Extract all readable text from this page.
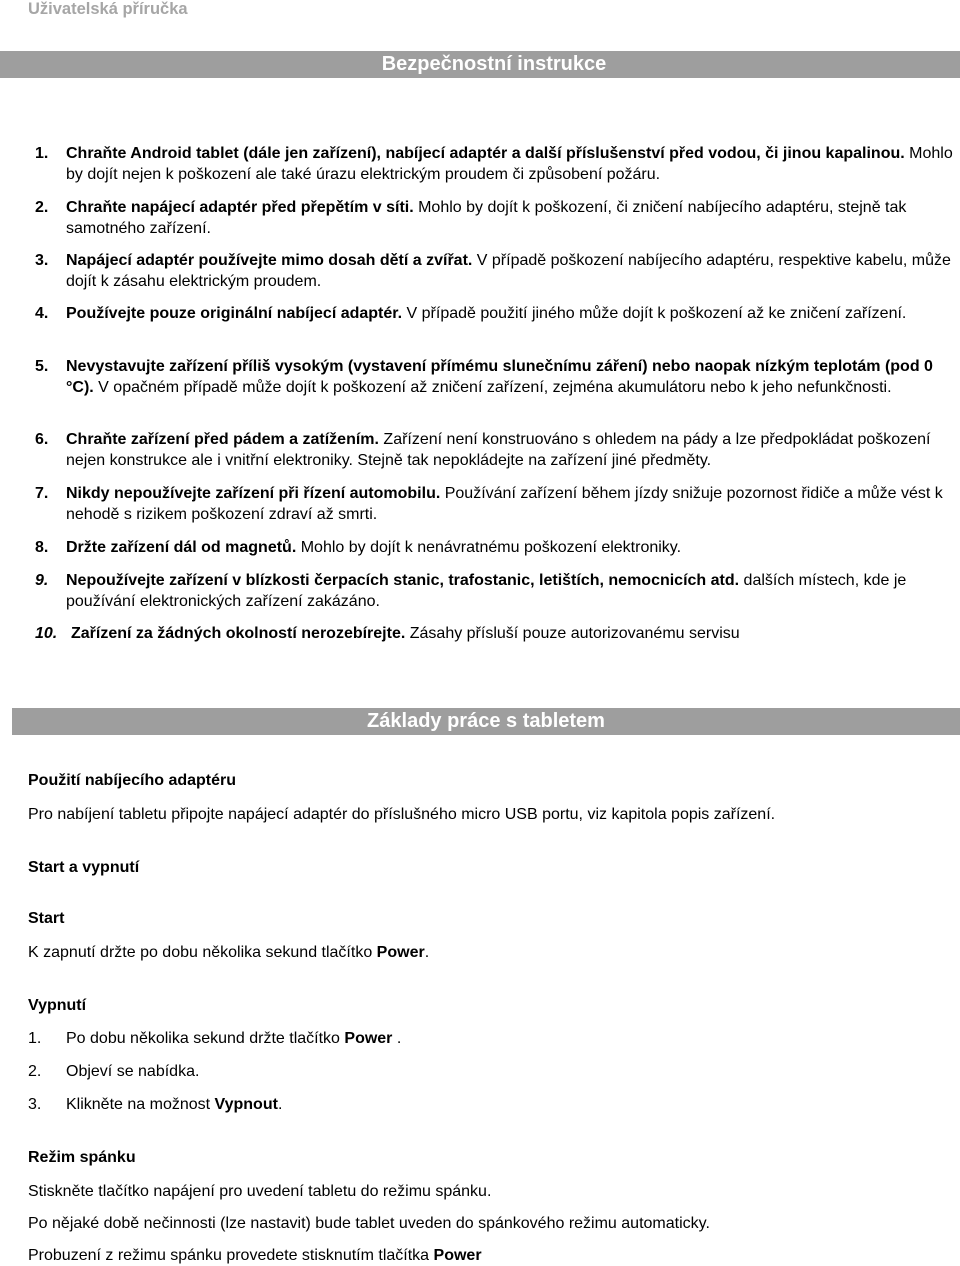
Uživatelská příručka
Bezpečnostní instrukce
1. Chraňte Android tablet (dále jen zařízení), nabíjecí adaptér a další příslušenství před vodou, či jinou kapalinou. Mohlo by dojít nejen k poškození ale také úrazu elektrickým proudem či způsobení požáru.
2. Chraňte napájecí adaptér před přepětím v síti. Mohlo by dojít k poškození, či zničení nabíjecího adaptéru, stejně tak samotného zařízení.
3. Napájecí adaptér používejte mimo dosah dětí a zvířat. V případě poškození nabíjecího adaptéru, respektive kabelu, může dojít k zásahu elektrickým proudem.
4. Používejte pouze originální nabíjecí adaptér. V případě použití jiného může dojít k poškození až ke zničení zařízení.
5. Nevystavujte zařízení příliš vysokým (vystavení přímému slunečnímu záření) nebo naopak nízkým teplotám (pod 0 °C). V opačném případě může dojít k poškození až zničení zařízení, zejména akumulátoru nebo k jeho nefunkčnosti.
6. Chraňte zařízení před pádem a zatížením. Zařízení není konstruováno s ohledem na pády a lze předpokládat poškození nejen konstrukce ale i vnitřní elektroniky. Stejně tak nepokládejte na zařízení jiné předměty.
7. Nikdy nepoužívejte zařízení při řízení automobilu. Používání zařízení během jízdy snižuje pozornost řidiče a může vést k nehodě s rizikem poškození zdraví až smrti.
8. Držte zařízení dál od magnetů. Mohlo by dojít k nenávratnému poškození elektroniky.
9. Nepoužívejte zařízení v blízkosti čerpacích stanic, trafostanic, letištích, nemocnicích atd. dalších místech, kde je používání elektronických zařízení zakázáno.
10. Zařízení za žádných okolností nerozebírejte. Zásahy přísluší pouze autorizovanému servisu
Základy práce s tabletem
Použití nabíjecího adaptéru
Pro nabíjení tabletu připojte napájecí adaptér do příslušného micro USB portu, viz kapitola popis zařízení.
Start a vypnutí
Start
K zapnutí držte po dobu několika sekund tlačítko Power.
Vypnutí
1. Po dobu několika sekund držte tlačítko Power .
2. Objeví se nabídka.
3. Klikněte na možnost Vypnout.
Režim spánku
Stiskněte tlačítko napájení pro uvedení tabletu do režimu spánku.
Po nějaké době nečinnosti (lze nastavit) bude tablet uveden do spánkového režimu automaticky.
Probuzení z režimu spánku provedete stisknutím tlačítka Power
